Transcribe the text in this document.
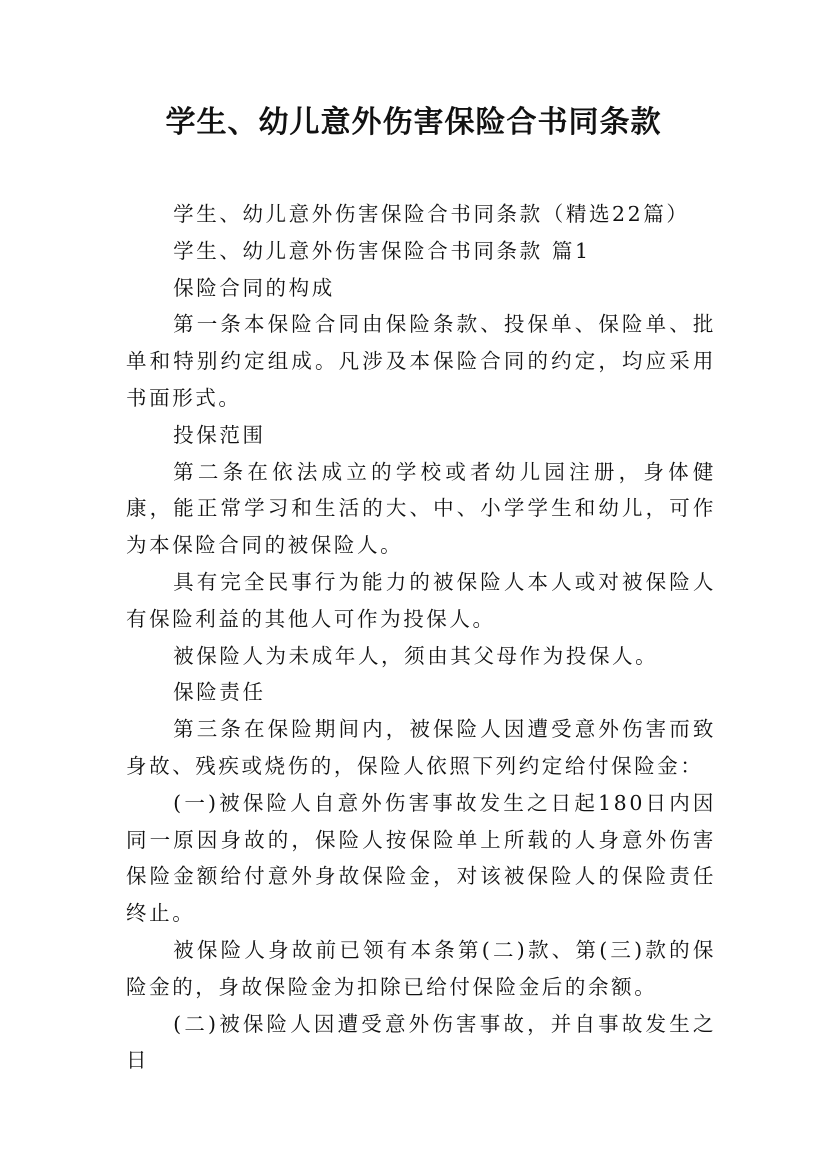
学生、幼儿意外伤害保险合书同条款

学生、幼儿意外伤害保险合书同条款（精选22篇）

学生、幼儿意外伤害保险合书同条款 篇1

保险合同的构成

第一条本保险合同由保险条款、投保单、保险单、批单和特别约定组成。凡涉及本保险合同的约定，均应采用书面形式。

投保范围

第二条在依法成立的学校或者幼儿园注册，身体健康，能正常学习和生活的大、中、小学学生和幼儿，可作为本保险合同的被保险人。

具有完全民事行为能力的被保险人本人或对被保险人有保险利益的其他人可作为投保人。

被保险人为未成年人，须由其父母作为投保人。

保险责任

第三条在保险期间内，被保险人因遭受意外伤害而致身故、残疾或烧伤的，保险人依照下列约定给付保险金：

(一)被保险人自意外伤害事故发生之日起180日内因同一原因身故的，保险人按保险单上所载的人身意外伤害保险金额给付意外身故保险金，对该被保险人的保险责任终止。

被保险人身故前已领有本条第(二)款、第(三)款的保险金的，身故保险金为扣除已给付保险金后的余额。

(二)被保险人因遭受意外伤害事故，并自事故发生之日
